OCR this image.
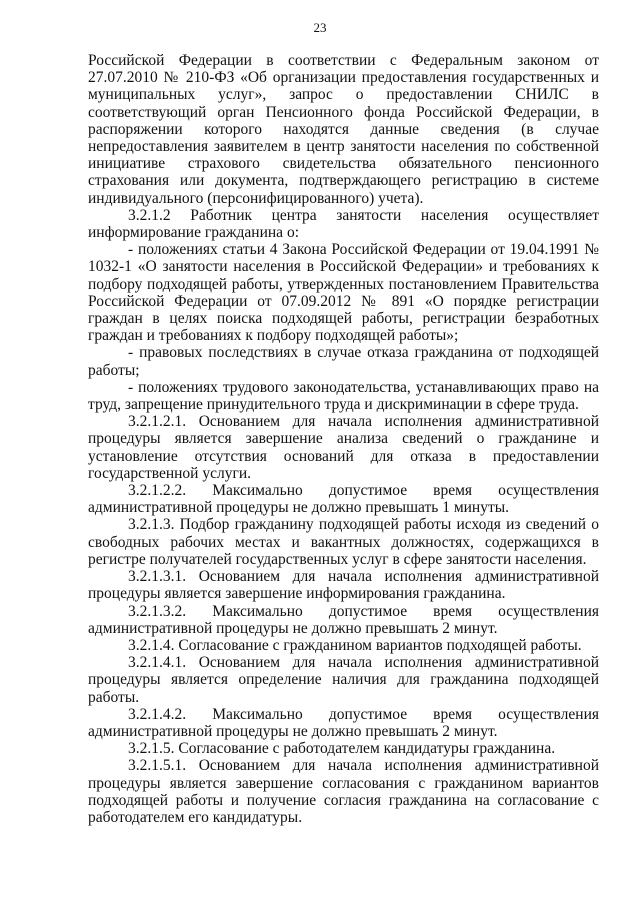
23

Российской Федерации в соответствии с Федеральным законом от 27.07.2010 № 210-ФЗ «Об организации предоставления государственных и муниципальных услуг», запрос о предоставлении СНИЛС в соответствующий орган Пенсионного фонда Российской Федерации, в распоряжении которого находятся данные сведения (в случае непредоставления заявителем в центр занятости населения по собственной инициативе страхового свидетельства обязательного пенсионного страхования или документа, подтверждающего регистрацию в системе индивидуального (персонифицированного) учета).

3.2.1.2 Работник центра занятости населения осуществляет информирование гражданина о:

- положениях статьи 4 Закона Российской Федерации от 19.04.1991 № 1032-1 «О занятости населения в Российской Федерации» и требованиях к подбору подходящей работы, утвержденных постановлением Правительства Российской Федерации от 07.09.2012 № 891 «О порядке регистрации граждан в целях поиска подходящей работы, регистрации безработных граждан и требованиях к подбору подходящей работы»;

- правовых последствиях в случае отказа гражданина от подходящей работы;

- положениях трудового законодательства, устанавливающих право на труд, запрещение принудительного труда и дискриминации в сфере труда.

3.2.1.2.1. Основанием для начала исполнения административной процедуры является завершение анализа сведений о гражданине и установление отсутствия оснований для отказа в предоставлении государственной услуги.

3.2.1.2.2. Максимально допустимое время осуществления административной процедуры не должно превышать 1 минуты.

3.2.1.3. Подбор гражданину подходящей работы исходя из сведений о свободных рабочих местах и вакантных должностях, содержащихся в регистре получателей государственных услуг в сфере занятости населения.

3.2.1.3.1. Основанием для начала исполнения административной процедуры является завершение информирования гражданина.

3.2.1.3.2. Максимально допустимое время осуществления административной процедуры не должно превышать 2 минут.

3.2.1.4. Согласование с гражданином вариантов подходящей работы.

3.2.1.4.1. Основанием для начала исполнения административной процедуры является определение наличия для гражданина подходящей работы.

3.2.1.4.2. Максимально допустимое время осуществления административной процедуры не должно превышать 2 минут.

3.2.1.5. Согласование с работодателем кандидатуры гражданина.

3.2.1.5.1. Основанием для начала исполнения административной процедуры является завершение согласования с гражданином вариантов подходящей работы и получение согласия гражданина на согласование с работодателем его кандидатуры.
